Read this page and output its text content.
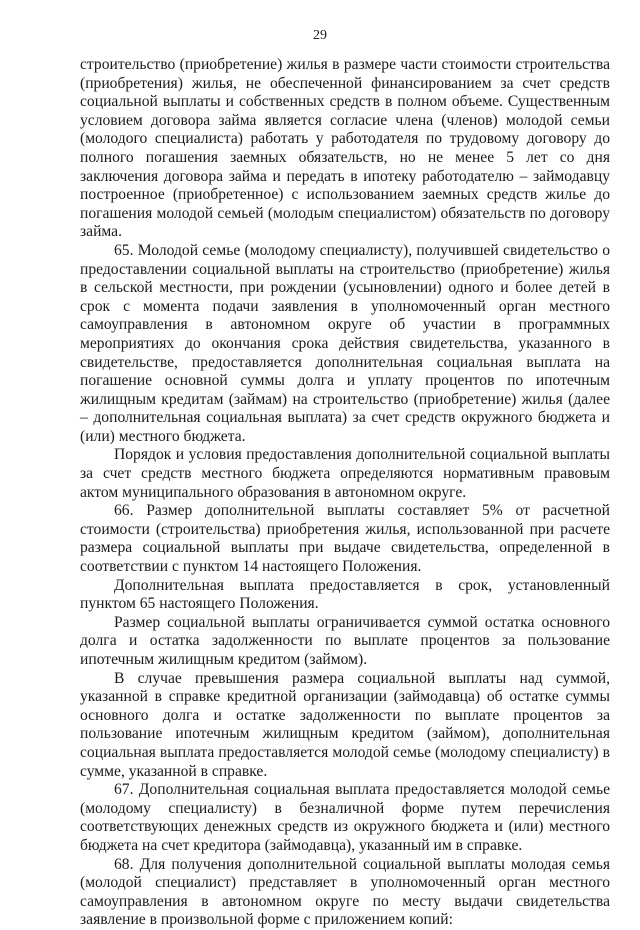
29

строительство (приобретение) жилья в размере части стоимости строительства (приобретения) жилья, не обеспеченной финансированием за счет средств социальной выплаты и собственных средств в полном объеме. Существенным условием договора займа является согласие члена (членов) молодой семьи (молодого специалиста) работать у работодателя по трудовому договору до полного погашения заемных обязательств, но не менее 5 лет со дня заключения договора займа и передать в ипотеку работодателю – займодавцу построенное (приобретенное) с использованием заемных средств жилье до погашения молодой семьей (молодым специалистом) обязательств по договору займа.

65. Молодой семье (молодому специалисту), получившей свидетельство о предоставлении социальной выплаты на строительство (приобретение) жилья в сельской местности, при рождении (усыновлении) одного и более детей в срок с момента подачи заявления в уполномоченный орган местного самоуправления в автономном округе об участии в программных мероприятиях до окончания срока действия свидетельства, указанного в свидетельстве, предоставляется дополнительная социальная выплата на погашение основной суммы долга и уплату процентов по ипотечным жилищным кредитам (займам) на строительство (приобретение) жилья (далее – дополнительная социальная выплата) за счет средств окружного бюджета и (или) местного бюджета.

Порядок и условия предоставления дополнительной социальной выплаты за счет средств местного бюджета определяются нормативным правовым актом муниципального образования в автономном округе.

66. Размер дополнительной выплаты составляет 5% от расчетной стоимости (строительства) приобретения жилья, использованной при расчете размера социальной выплаты при выдаче свидетельства, определенной в соответствии с пунктом 14 настоящего Положения.

Дополнительная выплата предоставляется в срок, установленный пунктом 65 настоящего Положения.

Размер социальной выплаты ограничивается суммой остатка основного долга и остатка задолженности по выплате процентов за пользование ипотечным жилищным кредитом (займом).

В случае превышения размера социальной выплаты над суммой, указанной в справке кредитной организации (займодавца) об остатке суммы основного долга и остатке задолженности по выплате процентов за пользование ипотечным жилищным кредитом (займом), дополнительная социальная выплата предоставляется молодой семье (молодому специалисту) в сумме, указанной в справке.

67. Дополнительная социальная выплата предоставляется молодой семье (молодому специалисту) в безналичной форме путем перечисления соответствующих денежных средств из окружного бюджета и (или) местного бюджета на счет кредитора (займодавца), указанный им в справке.

68. Для получения дополнительной социальной выплаты молодая семья (молодой специалист) представляет в уполномоченный орган местного самоуправления в автономном округе по месту выдачи свидетельства заявление в произвольной форме с приложением копий:
